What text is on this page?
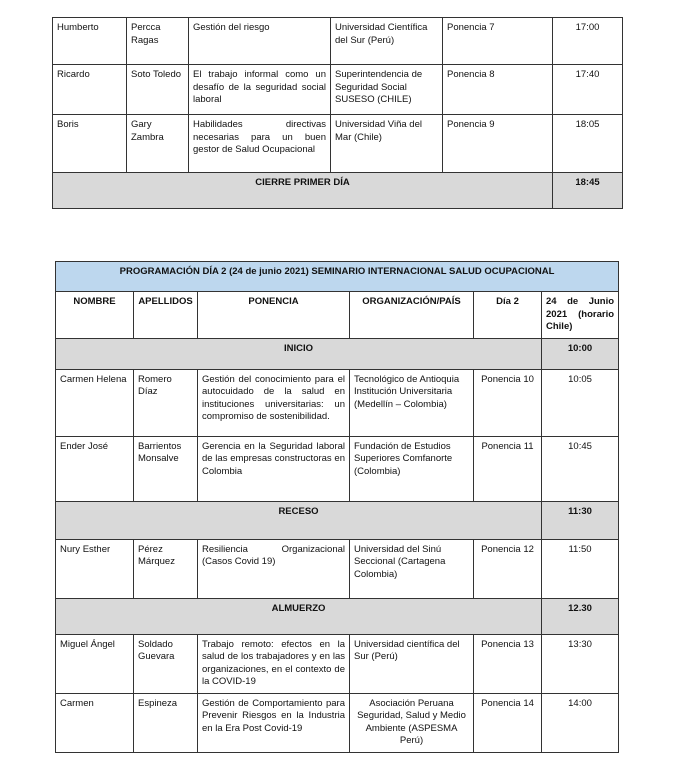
Humberto	Percca Ragas	Gestión del riesgo	Universidad Científica del Sur (Perú)	Ponencia 7	17:00
Ricardo	Soto Toledo	El trabajo informal como un desafío de la seguridad social laboral	Superintendencia de Seguridad Social SUSESO (CHILE)	Ponencia 8	17:40
Boris	Gary Zambra	Habilidades directivas necesarias para un buen gestor de Salud Ocupacional	Universidad Viña del Mar (Chile)	Ponencia 9	18:05
CIERRE PRIMER DÍA					18:45
PROGRAMACIÓN DÍA 2 (24 de junio 2021) SEMINARIO INTERNACIONAL SALUD OCUPACIONAL					
NOMBRE	APELLIDOS	PONENCIA	ORGANIZACIÓN/PAÍS	Día 2	24 de Junio 2021 (horario Chile)
INICIO					10:00
Carmen Helena	Romero Díaz	Gestión del conocimiento para el autocuidado de la salud en instituciones universitarias: un compromiso de sostenibilidad.	Tecnológico de Antioquia Institución Universitaria (Medellín – Colombia)	Ponencia 10	10:05
Ender José	Barrientos Monsalve	Gerencia en la Seguridad laboral de las empresas constructoras en Colombia	Fundación de Estudios Superiores Comfanorte (Colombia)	Ponencia 11	10:45
RECESO					11:30
Nury Esther	Pérez Márquez	Resiliencia Organizacional (Casos Covid 19)	Universidad del Sinú Seccional (Cartagena Colombia)	Ponencia 12	11:50
ALMUERZO					12.30
Miguel Ángel	Soldado Guevara	Trabajo remoto: efectos en la salud de los trabajadores y en las organizaciones, en el contexto de la COVID-19	Universidad científica del Sur (Perú)	Ponencia 13	13:30
Carmen	Espineza	Gestión de Comportamiento para Prevenir Riesgos en la Industria en la Era Post Covid-19	Asociación Peruana Seguridad, Salud y Medio Ambiente (ASPESMA Perú)	Ponencia 14	14:00
